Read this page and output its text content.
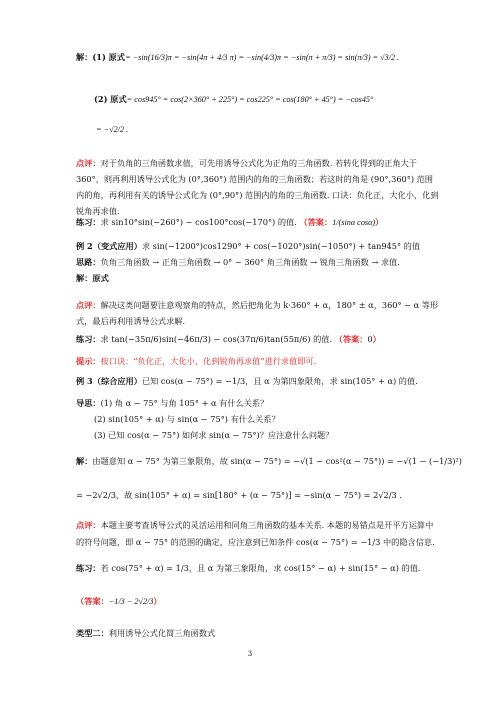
解：(1) 原式= −sin(16/3)π = −sin(4π + 4/3 π) = −sin(4/3)π = −sin(π + π/3) = sin(π/3) = √3/2 .
(2) 原式= cos945° = cos(2×360° + 225°) = cos225° = cos(180° + 45°) = −cos45°
= −√2/2 .
点评：对于负角的三角函数求值，可先用诱导公式化为正角的三角函数. 若转化得到的正角大于 360°，则再利用诱导公式化为 (0°,360°) 范围内的角的三角函数；若这时的角是 (90°,360°) 范围内的角，再利用有关的诱导公式化为 (0°,90°) 范围内的角的三角函数. 口诀：负化正，大化小，化到锐角再求值.
练习：求 sin10°sin(−260°) − cos100°cos(−170°) 的值. （答案：1/(sinα cosα)）
例 2（变式应用）求 sin(−1200°)cos1290° + cos(−1020°)sin(−1050°) + tan945° 的值
思路：负角三角函数 → 正角三角函数 → 0° ~ 360° 角三角函数 → 锐角三角函数 → 求值.
解：原式
点评：解决这类问题要注意观察角的特点，然后把角化为 k·360° + α，180° ± α，360° − α 等形式，最后再利用诱导公式求解.
练习：求 tan(−35π/6)sin(−46π/3) − cos(37π/6)tan(55π/6) 的值. （答案：0）
提示：按口诀：“负化正，大化小，化到锐角再求值”进行求值即可.
例 3（综合应用）已知 cos(α − 75°) = −1/3，且 α 为第四象限角，求 sin(105° + α) 的值.
导思：(1) 角 α − 75° 与角 105° + α 有什么关系？
(2) sin(105° + α) 与 sin(α − 75°) 有什么关系？
(3) 已知 cos(α − 75°) 如何求 sin(α − 75°)？应注意什么问题？
解：由题意知 α − 75° 为第三象限角，故 sin(α − 75°) = −√(1 − cos²(α − 75°)) = −√(1 − (−1/3)²)
= −2√2/3，故 sin(105° + α) = sin[180° + (α − 75°)] = −sin(α − 75°) = 2√2/3 .
点评：本题主要考查诱导公式的灵活运用和同角三角函数的基本关系. 本题的易错点是开平方运算中的符号问题，即 α − 75° 的范围的确定，应注意到已知条件 cos(α − 75°) = −1/3 中的隐含信息.
练习：若 cos(75° + α) = 1/3，且 α 为第三象限角，求 cos(15° − α) + sin(15° − α) 的值.
（答案：−1/3 − 2√2/3）
类型二：利用诱导公式化简三角函数式
3
